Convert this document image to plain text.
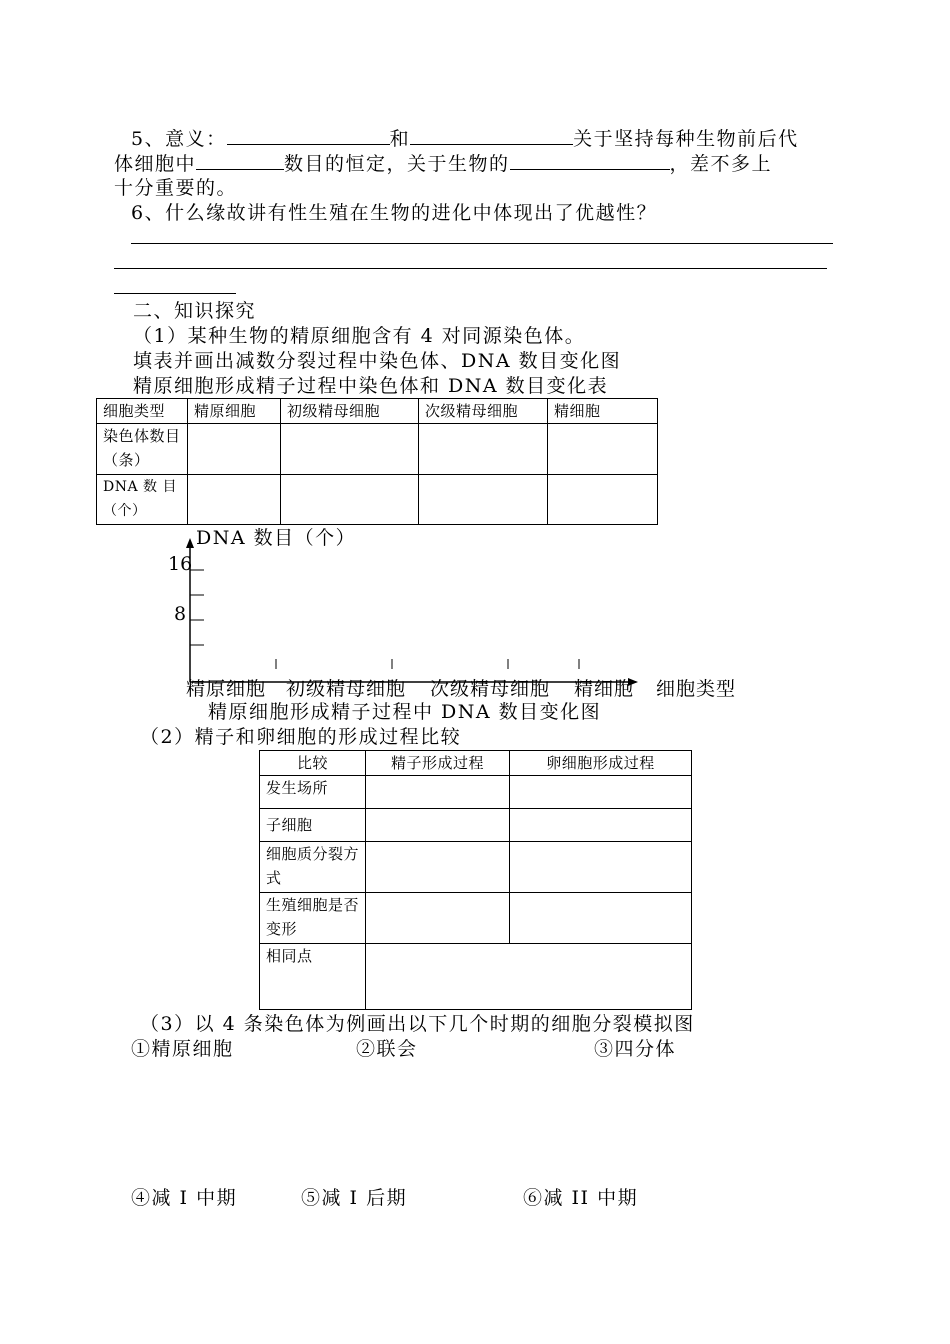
5、意义：	和	关于坚持每种生物前后代
体细胞中	数目的恒定，关于生物的	，差不多上
十分重要的。
6、什么缘故讲有性生殖在生物的进化中体现出了优越性？
二、知识探究
（1）某种生物的精原细胞含有 4 对同源染色体。
填表并画出减数分裂过程中染色体、DNA 数目变化图
精原细胞形成精子过程中染色体和 DNA 数目变化表
细胞类型	精原细胞	初级精母细胞	次级精母细胞	精细胞
染色体数目（条）				
DNA 数 目（个）				
DNA 数目（个）
16
8
精原细胞 初级精母细胞 次级精母细胞 精细胞 细胞类型
精原细胞形成精子过程中 DNA 数目变化图
（2）精子和卵细胞的形成过程比较
比较	精子形成过程	卵细胞形成过程
发生场所		
子细胞		
细胞质分裂方式		
生殖细胞是否变形		
相同点		
（3）以 4 条染色体为例画出以下几个时期的细胞分裂模拟图
①精原细胞	②联会	③四分体
④减 I 中期	⑤减 I 后期	⑥减 II 中期
